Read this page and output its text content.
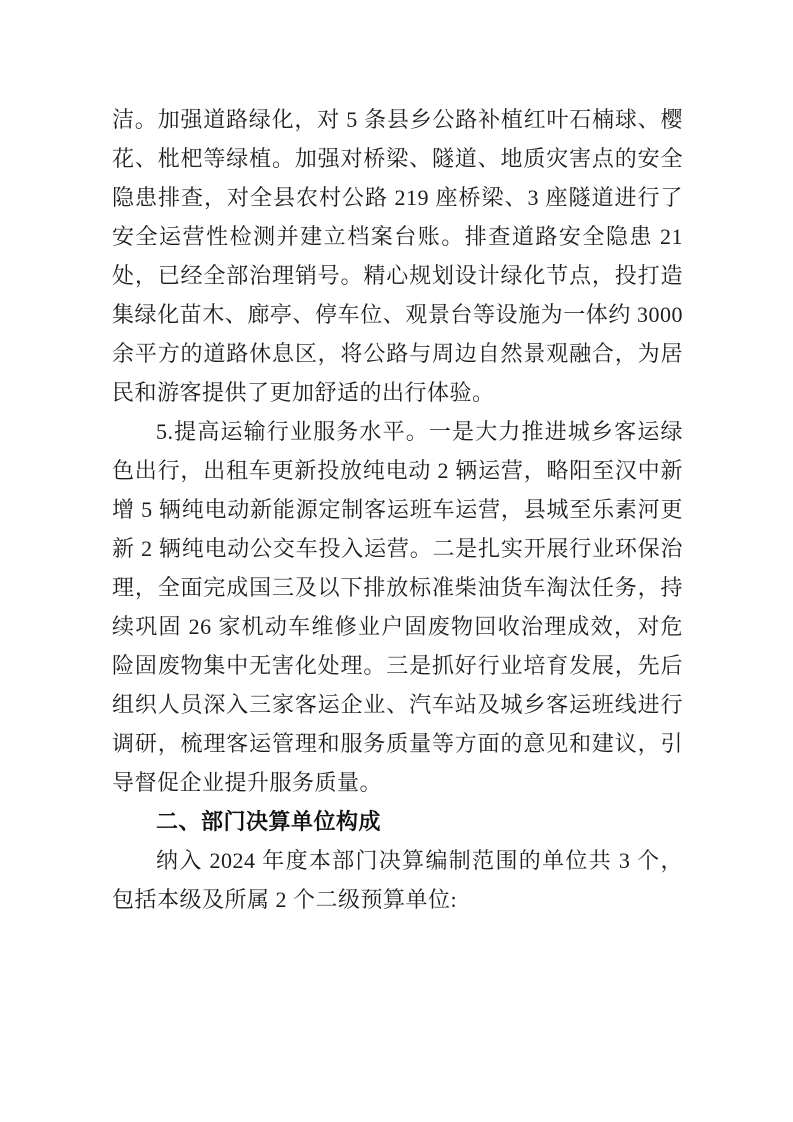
洁。加强道路绿化，对 5 条县乡公路补植红叶石楠球、樱花、枇杷等绿植。加强对桥梁、隧道、地质灾害点的安全隐患排查，对全县农村公路 219 座桥梁、3 座隧道进行了安全运营性检测并建立档案台账。排查道路安全隐患 21 处，已经全部治理销号。精心规划设计绿化节点，投打造集绿化苗木、廊亭、停车位、观景台等设施为一体约 3000 余平方的道路休息区，将公路与周边自然景观融合，为居民和游客提供了更加舒适的出行体验。

5.提高运输行业服务水平。一是大力推进城乡客运绿色出行，出租车更新投放纯电动 2 辆运营，略阳至汉中新增 5 辆纯电动新能源定制客运班车运营，县城至乐素河更新 2 辆纯电动公交车投入运营。二是扎实开展行业环保治理，全面完成国三及以下排放标准柴油货车淘汰任务，持续巩固 26 家机动车维修业户固废物回收治理成效，对危险固废物集中无害化处理。三是抓好行业培育发展，先后组织人员深入三家客运企业、汽车站及城乡客运班线进行调研，梳理客运管理和服务质量等方面的意见和建议，引导督促企业提升服务质量。

二、部门决算单位构成

纳入 2024 年度本部门决算编制范围的单位共 3 个，包括本级及所属 2 个二级预算单位:
